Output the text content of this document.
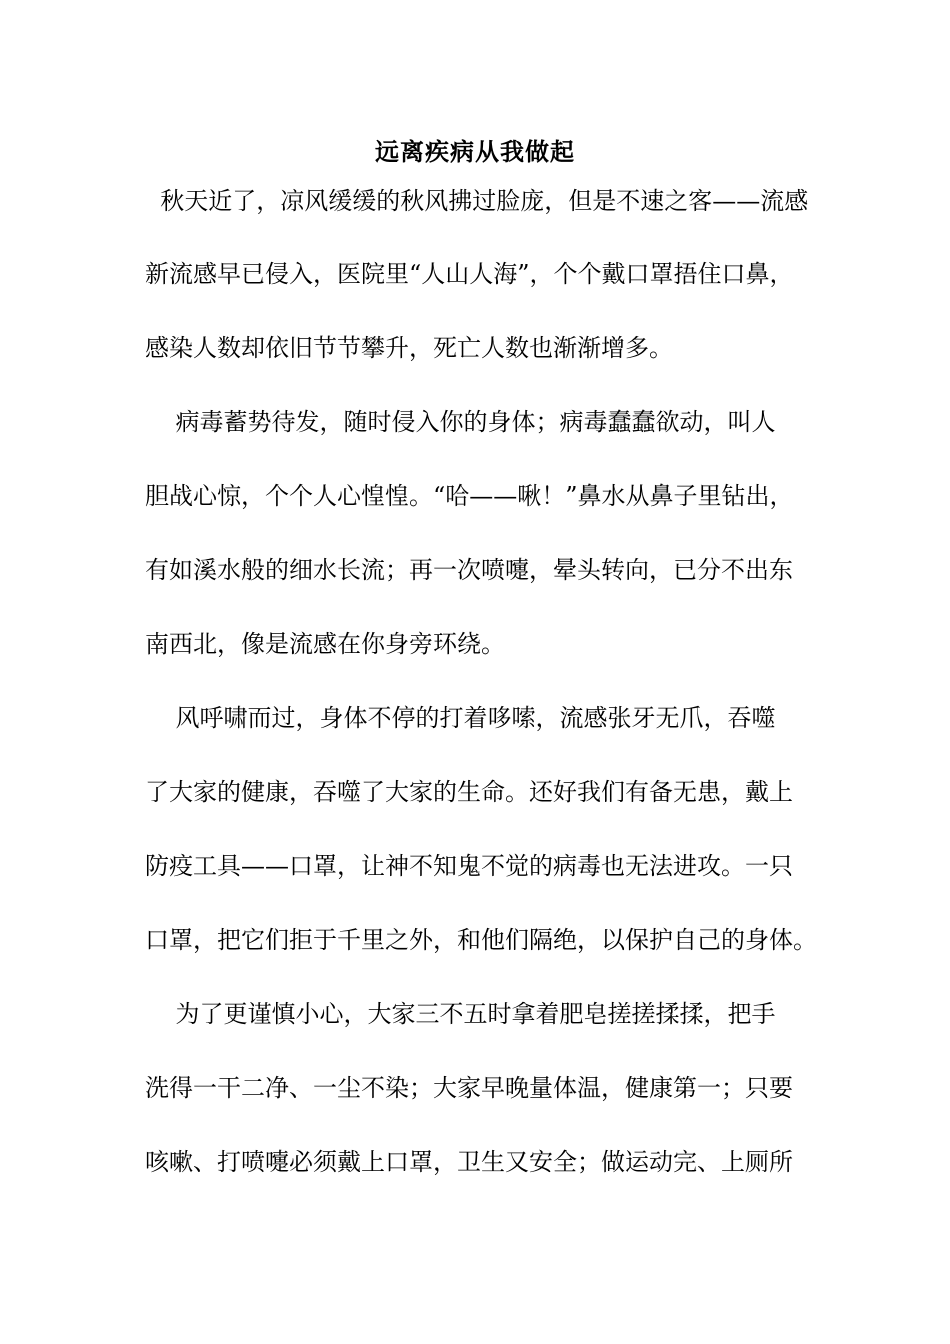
远离疾病从我做起
秋天近了，凉风缓缓的秋风拂过脸庞，但是不速之客——流感
新流感早已侵入，医院里“人山人海”，个个戴口罩捂住口鼻，
感染人数却依旧节节攀升，死亡人数也渐渐增多。
病毒蓄势待发，随时侵入你的身体；病毒蠢蠢欲动，叫人
胆战心惊，个个人心惶惶。“哈——啾！”鼻水从鼻子里钻出，
有如溪水般的细水长流；再一次喷嚏，晕头转向，已分不出东
南西北，像是流感在你身旁环绕。
风呼啸而过，身体不停的打着哆嗦，流感张牙无爪，吞噬
了大家的健康，吞噬了大家的生命。还好我们有备无患，戴上
防疫工具——口罩，让神不知鬼不觉的病毒也无法进攻。一只
口罩，把它们拒于千里之外，和他们隔绝，以保护自己的身体。
为了更谨慎小心，大家三不五时拿着肥皂搓搓揉揉，把手
洗得一干二净、一尘不染；大家早晚量体温，健康第一；只要
咳嗽、打喷嚏必须戴上口罩，卫生又安全；做运动完、上厕所
